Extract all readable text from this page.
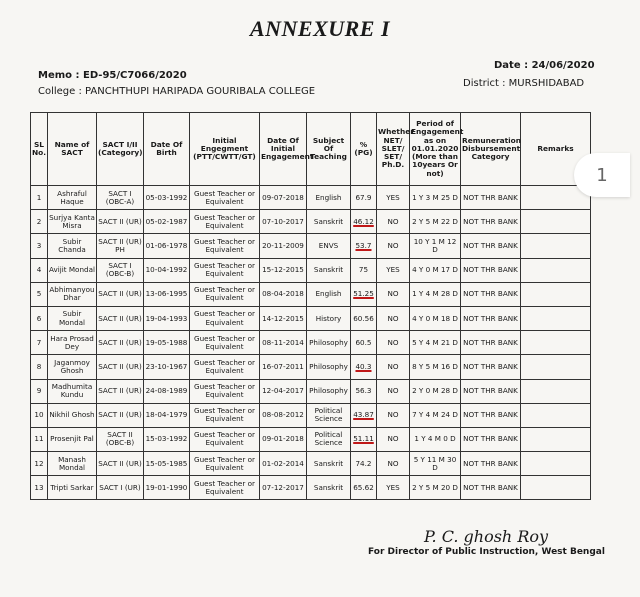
ANNEXURE I
Memo : ED-95/C7066/2020
Date : 24/06/2020
College : PANCHTHUPI HARIPADA GOURIBALA COLLEGE
District : MURSHIDABAD
SL No.	Name of SACT	SACT I/II (Category)	Date Of Birth	Initial Engegment (PTT/CWTT/GT)	Date Of Initial Engagement	Subject Of Teaching	% (PG)	Whether NET/ SLET/ SET/ Ph.D.	Period of Engagement as on 01.01.2020 (More than 10years Or not)	Remuneration Disbursement Category	Remarks
1	Ashraful Haque	SACT I (OBC-A)	05-03-1992	Guest Teacher or Equivalent	09-07-2018	English	67.9	YES	1 Y 3 M 25 D	NOT THR BANK	
2	Surjya Kanta Misra	SACT II (UR)	05-02-1987	Guest Teacher or Equivalent	07-10-2017	Sanskrit	46.12	NO	2 Y 5 M 22 D	NOT THR BANK	
3	Subir Chanda	SACT II (UR) PH	01-06-1978	Guest Teacher or Equivalent	20-11-2009	ENVS	53.7	NO	10 Y 1 M 12 D	NOT THR BANK	
4	Avijit Mondal	SACT I (OBC-B)	10-04-1992	Guest Teacher or Equivalent	15-12-2015	Sanskrit	75	YES	4 Y 0 M 17 D	NOT THR BANK	
5	Abhimanyou Dhar	SACT II (UR)	13-06-1995	Guest Teacher or Equivalent	08-04-2018	English	51.25	NO	1 Y 4 M 28 D	NOT THR BANK	
6	Subir Mondal	SACT II (UR)	19-04-1993	Guest Teacher or Equivalent	14-12-2015	History	60.56	NO	4 Y 0 M 18 D	NOT THR BANK	
7	Hara Prosad Dey	SACT II (UR)	19-05-1988	Guest Teacher or Equivalent	08-11-2014	Philosophy	60.5	NO	5 Y 4 M 21 D	NOT THR BANK	
8	Jaganmoy Ghosh	SACT II (UR)	23-10-1967	Guest Teacher or Equivalent	16-07-2011	Philosophy	40.3	NO	8 Y 5 M 16 D	NOT THR BANK	
9	Madhumita Kundu	SACT II (UR)	24-08-1989	Guest Teacher or Equivalent	12-04-2017	Philosophy	56.3	NO	2 Y 0 M 28 D	NOT THR BANK	
10	Nikhil Ghosh	SACT II (UR)	18-04-1979	Guest Teacher or Equivalent	08-08-2012	Political Science	43.87	NO	7 Y 4 M 24 D	NOT THR BANK	
11	Prosenjit Pal	SACT II (OBC-B)	15-03-1992	Guest Teacher or Equivalent	09-01-2018	Political Science	51.11	NO	1 Y 4 M 0 D	NOT THR BANK	
12	Manash Mondal	SACT II (UR)	15-05-1985	Guest Teacher or Equivalent	01-02-2014	Sanskrit	74.2	NO	5 Y 11 M 30 D	NOT THR BANK	
13	Tripti Sarkar	SACT I (UR)	19-01-1990	Guest Teacher or Equivalent	07-12-2017	Sanskrit	65.62	YES	2 Y 5 M 20 D	NOT THR BANK	
P. C. ghosh Roy
For Director of Public Instruction, West Bengal
1
